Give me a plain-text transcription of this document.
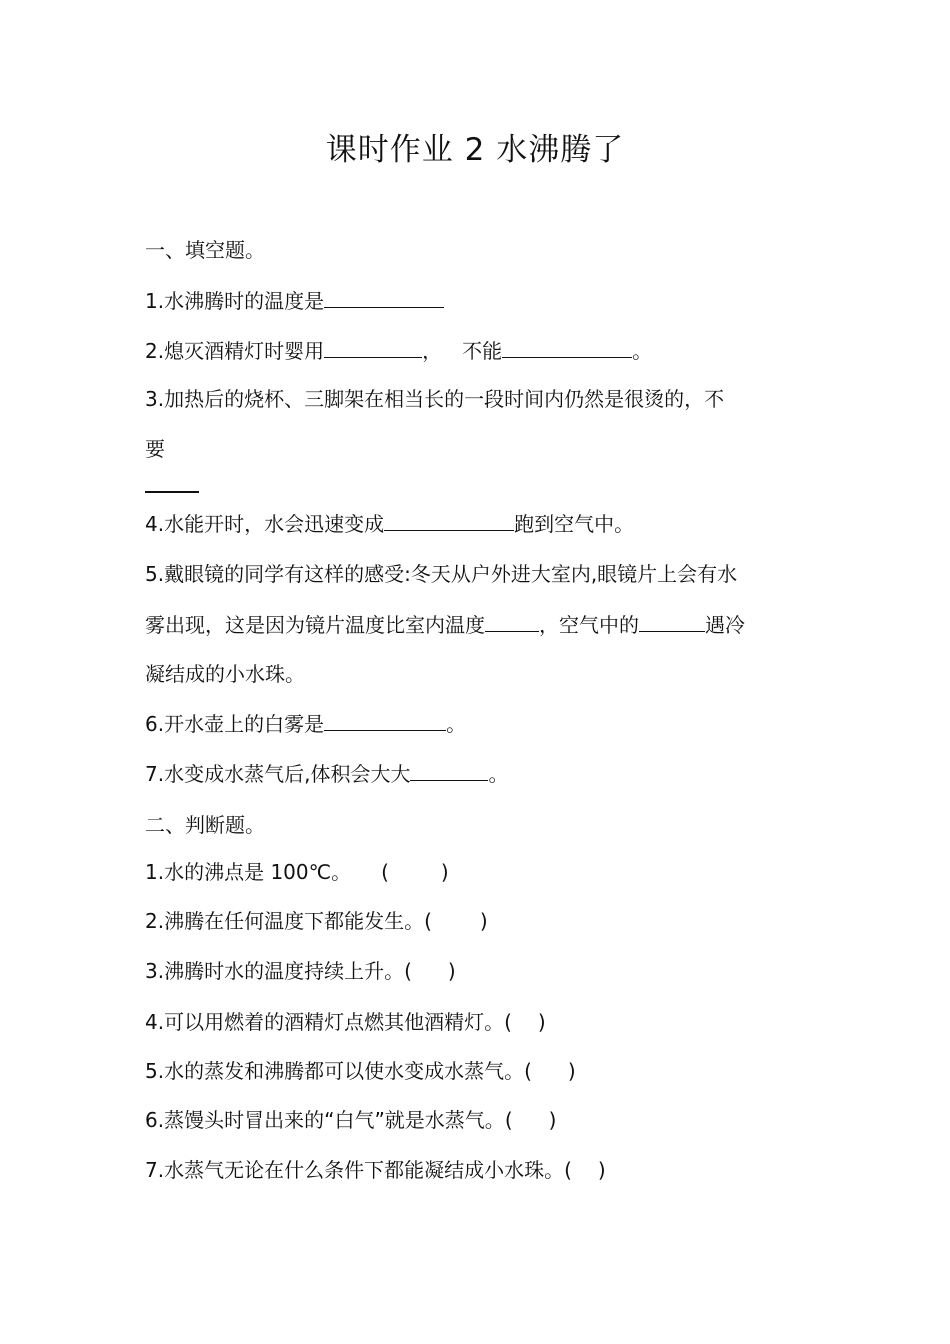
课时作业 2 水沸腾了
一、填空题。
1.水沸腾时的温度是
2.熄灭酒精灯时婴用	， 不能	。
3.加热后的烧杯、三脚架在相当长的一段时间内仍然是很烫的，不
要
4.水能开时，水会迅速变成	跑到空气中。
5.戴眼镜的同学有这样的感受:冬天从户外进大室内,眼镜片上会有水
雾出现，这是因为镜片温度比室内温度	，空气中的	遇冷
凝结成的小水珠。
6.开水壶上的白雾是	。
7.水变成水蒸气后,体积会大大	。
二、判断题。
1.水的沸点是 100℃。 (	)
2.沸腾在任何温度下都能发生。( )
3.沸腾时水的温度持续上升。( )
4.可以用燃着的酒精灯点燃其他酒精灯。( )
5.水的蒸发和沸腾都可以使水变成水蒸气。( )
6.蒸馒头时冒出来的“白气”就是水蒸气。( )
7.水蒸气无论在什么条件下都能凝结成小水珠。( )
